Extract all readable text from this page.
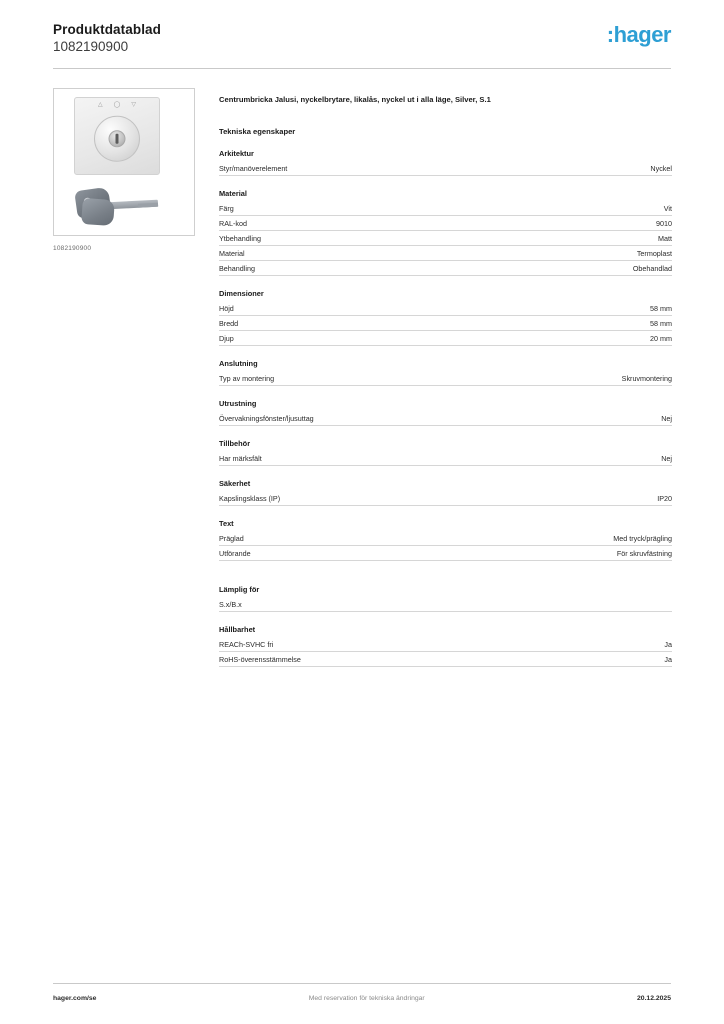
Produktdatablad
1082190900	:hager
△ ◯ ▽
1082190900
Centrumbricka Jalusi, nyckelbrytare, likalås, nyckel ut i alla läge, Silver, S.1
Tekniska egenskaper
Arkitektur
Styr/manöverelement	Nyckel
Material
Färg	Vit
RAL-kod	9010
Ytbehandling	Matt
Material	Termoplast
Behandling	Obehandlad
Dimensioner
Höjd	58 mm
Bredd	58 mm
Djup	20 mm
Anslutning
Typ av montering	Skruvmontering
Utrustning
Övervakningsfönster/ljusuttag	Nej
Tillbehör
Har märksfält	Nej
Säkerhet
Kapslingsklass (IP)	IP20
Text
Präglad	Med tryck/prägling
Utförande	För skruvfästning
Lämplig för
S.x/B.x
Hållbarhet
REACh-SVHC fri	Ja
RoHS-överensstämmelse	Ja
hager.com/se	Med reservation för tekniska ändringar	20.12.2025
